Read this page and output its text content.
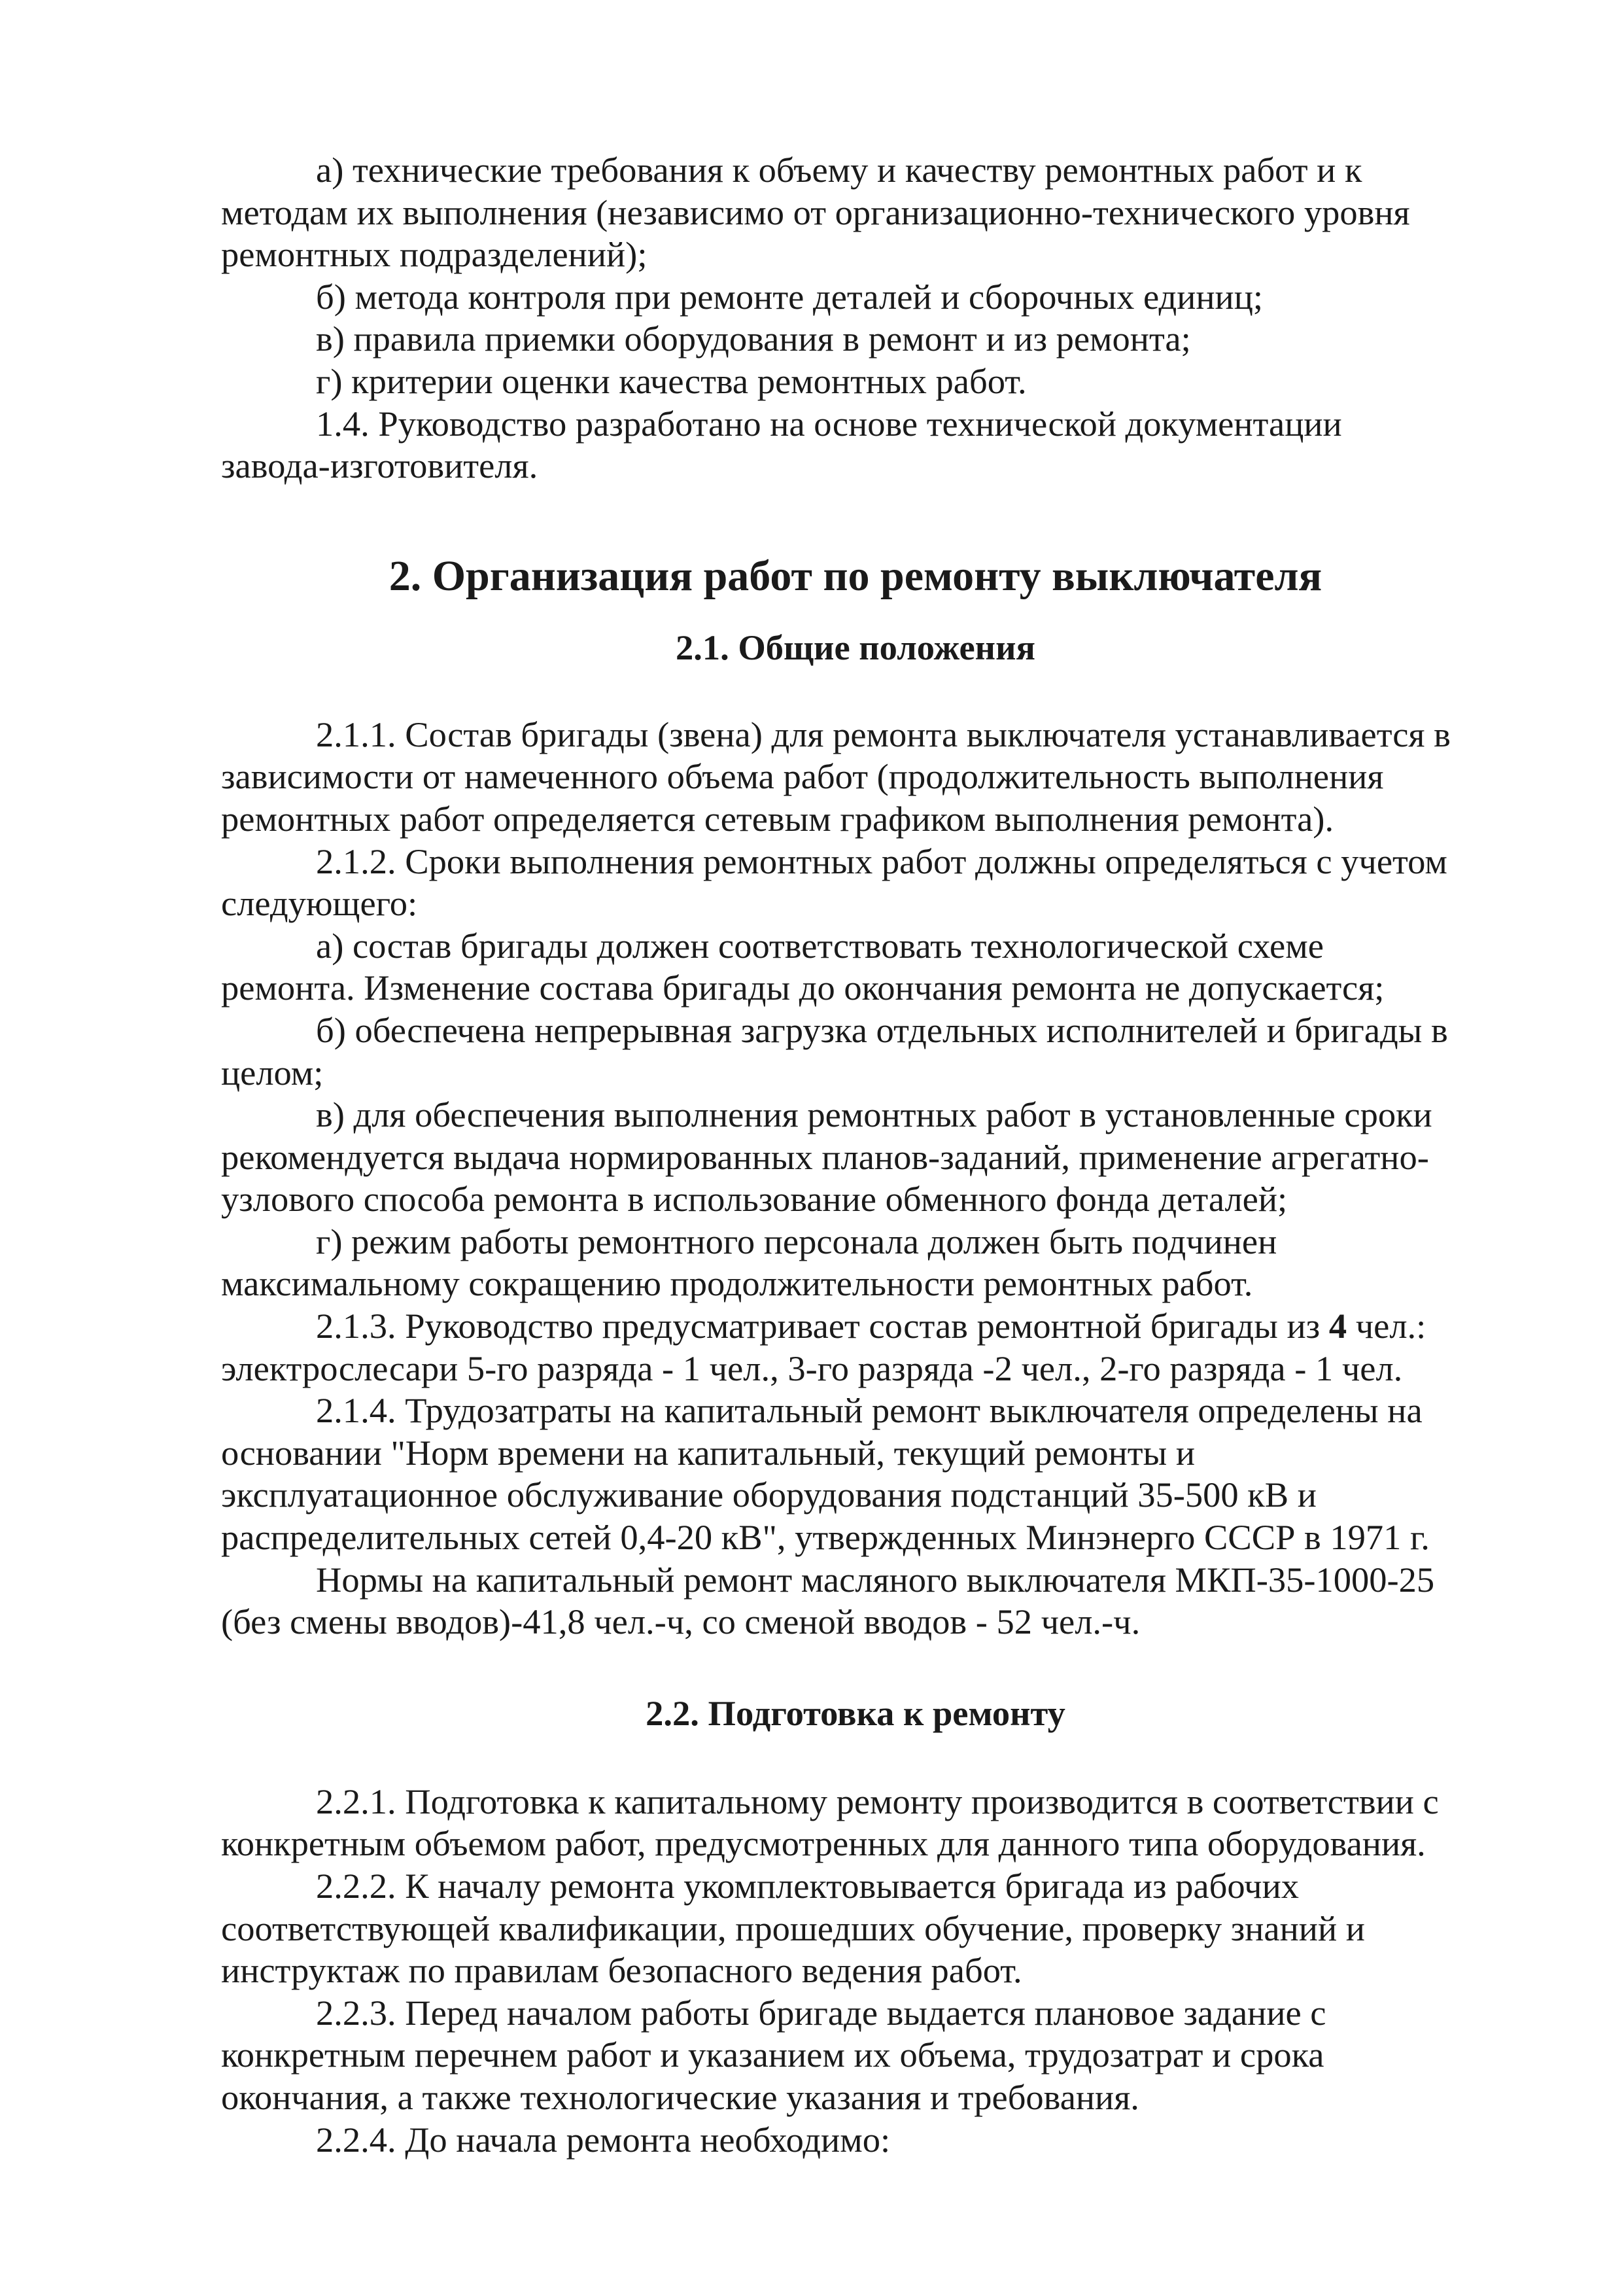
а) технические требования к объему и качеству ремонтных работ и к

методам их выполнения (независимо от организационно-технического уровня

ремонтных подразделений);

б) метода контроля при ремонте деталей и сборочных единиц;

в) правила приемки оборудования в ремонт и из ремонта;

г) критерии оценки качества ремонтных работ.

1.4. Руководство разработано на основе технической документации

завода-изготовителя.

2. Организация работ по ремонту выключателя
2.1. Общие положения

2.1.1. Состав бригады (звена) для ремонта выключателя устанавливается в

зависимости от намеченного объема работ (продолжительность выполнения

ремонтных работ определяется сетевым графиком выполнения ремонта).

2.1.2. Сроки выполнения ремонтных работ должны определяться с учетом

следующего:

а) состав бригады должен соответствовать технологической схеме

ремонта. Изменение состава бригады до окончания ремонта не допускается;

б) обеспечена непрерывная загрузка отдельных исполнителей и бригады в

целом;

в) для обеспечения выполнения ремонтных работ в установленные сроки

рекомендуется выдача нормированных планов-заданий, применение агрегатно-

узлового способа ремонта в использование обменного фонда деталей;

г) режим работы ремонтного персонала должен быть подчинен

максимальному сокращению продолжительности ремонтных работ.

2.1.3. Руководство предусматривает состав ремонтной бригады из 4 чел.:

электрослесари 5-го разряда - 1 чел., 3-го разряда -2 чел., 2-го разряда - 1 чел.

2.1.4. Трудозатраты на капитальный ремонт выключателя определены на

основании "Норм времени на капитальный, текущий ремонты и

эксплуатационное обслуживание оборудования подстанций 35-500 кВ и

распределительных сетей 0,4-20 кВ", утвержденных Минэнерго СССР в 1971 г.

Нормы на капитальный ремонт масляного выключателя МКП-35-1000-25

(без смены вводов)-41,8 чел.-ч, со сменой вводов - 52 чел.-ч.

2.2. Подготовка к ремонту

2.2.1. Подготовка к капитальному ремонту производится в соответствии с

конкретным объемом работ, предусмотренных для данного типа оборудования.

2.2.2. К началу ремонта укомплектовывается бригада из рабочих

соответствующей квалификации, прошедших обучение, проверку знаний и

инструктаж по правилам безопасного ведения работ.

2.2.3. Перед началом работы бригаде выдается плановое задание с

конкретным перечнем работ и указанием их объема, трудозатрат и срока

окончания, а также технологические указания и требования.

2.2.4. До начала ремонта необходимо:
